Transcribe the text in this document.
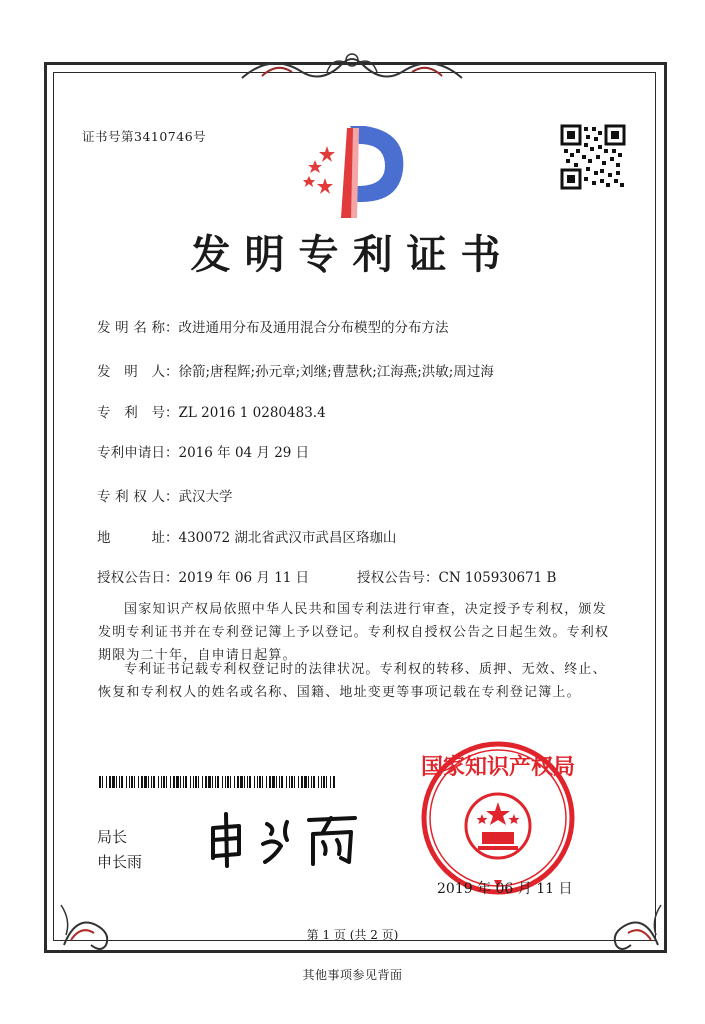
证书号第3410746号
发明专利证书
发明名称：改进通用分布及通用混合分布模型的分布方法
发明人：徐箭;唐程辉;孙元章;刘继;曹慧秋;江海燕;洪敏;周过海
专利号：ZL 2016 1 0280483.4
专利申请日：2016 年 04 月 29 日
专利权人：武汉大学
地址：430072 湖北省武汉市武昌区珞珈山
授权公告日：2019 年 06 月 11 日	授权公告号：CN 105930671 B
国家知识产权局依照中华人民共和国专利法进行审查，决定授予专利权，颁发发明专利证书并在专利登记簿上予以登记。专利权自授权公告之日起生效。专利权期限为二十年，自申请日起算。
专利证书记载专利权登记时的法律状况。专利权的转移、质押、无效、终止、恢复和专利权人的姓名或名称、国籍、地址变更等事项记载在专利登记簿上。
局长
申长雨
国家知识产权局
2019 年 06 月 11 日
第 1 页 (共 2 页)
其他事项参见背面
